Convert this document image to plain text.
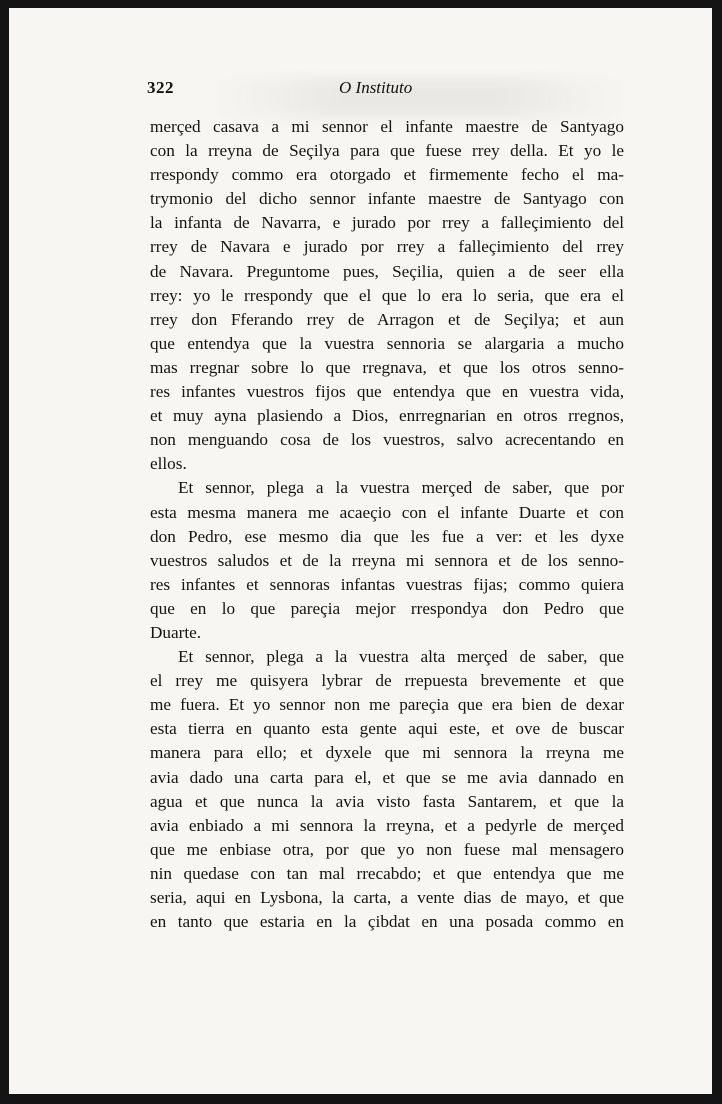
322	O Instituto
merçed casava a mi sennor el infante maestre de Santyago
con la rreyna de Seçilya para que fuese rrey della. Et yo le
rrespondy commo era otorgado et firmemente fecho el ma-
trymonio del dicho sennor infante maestre de Santyago con
la infanta de Navarra, e jurado por rrey a falleçimiento del
rrey de Navara e jurado por rrey a falleçimiento del rrey
de Navara. Preguntome pues, Seçilia, quien a de seer ella
rrey: yo le rrespondy que el que lo era lo seria, que era el
rrey don Fferando rrey de Arragon et de Seçilya; et aun
que entendya que la vuestra sennoria se alargaria a mucho
mas rregnar sobre lo que rregnava, et que los otros senno-
res infantes vuestros fijos que entendya que en vuestra vida,
et muy ayna plasiendo a Dios, enrregnarian en otros rregnos,
non menguando cosa de los vuestros, salvo acrecentando en
ellos.
Et sennor, plega a la vuestra merçed de saber, que por
esta mesma manera me acaeçio con el infante Duarte et con
don Pedro, ese mesmo dia que les fue a ver: et les dyxe
vuestros saludos et de la rreyna mi sennora et de los senno-
res infantes et sennoras infantas vuestras fijas; commo quiera
que en lo que pareçia mejor rrespondya don Pedro que
Duarte.
Et sennor, plega a la vuestra alta merçed de saber, que
el rrey me quisyera lybrar de rrepuesta brevemente et que
me fuera. Et yo sennor non me pareçia que era bien de dexar
esta tierra en quanto esta gente aqui este, et ove de buscar
manera para ello; et dyxele que mi sennora la rreyna me
avia dado una carta para el, et que se me avia dannado en
agua et que nunca la avia visto fasta Santarem, et que la
avia enbiado a mi sennora la rreyna, et a pedyrle de merçed
que me enbiase otra, por que yo non fuese mal mensagero
nin quedase con tan mal rrecabdo; et que entendya que me
seria, aqui en Lysbona, la carta, a vente dias de mayo, et que
en tanto que estaria en la çibdat en una posada commo en
